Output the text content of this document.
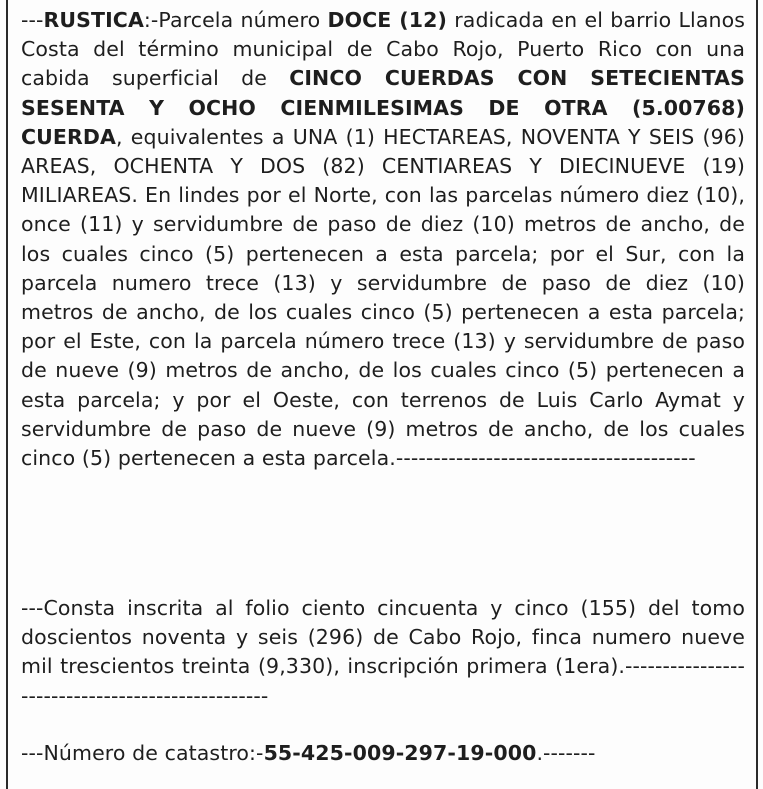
---RUSTICA:-Parcela número DOCE (12) radicada en el barrio Llanos Costa del término municipal de Cabo Rojo, Puerto Rico con una cabida superficial de CINCO CUERDAS CON SETECIENTAS SESENTA Y OCHO CIENMILESIMAS DE OTRA (5.00768) CUERDA, equivalentes a UNA (1) HECTAREAS, NOVENTA Y SEIS (96) AREAS, OCHENTA Y DOS (82) CENTIAREAS Y DIECINUEVE (19) MILIAREAS. En lindes por el Norte, con las parcelas número diez (10), once (11) y servidumbre de paso de diez (10) metros de ancho, de los cuales cinco (5) pertenecen a esta parcela; por el Sur, con la parcela numero trece (13) y servidumbre de paso de diez (10) metros de ancho, de los cuales cinco (5) pertenecen a esta parcela; por el Este, con la parcela número trece (13) y servidumbre de paso de nueve (9) metros de ancho, de los cuales cinco (5) pertenecen a esta parcela; y por el Oeste, con terrenos de Luis Carlo Aymat y servidumbre de paso de nueve (9) metros de ancho, de los cuales cinco (5) pertenecen a esta parcela.----------------------------------------

---Consta inscrita al folio ciento cincuenta y cinco (155) del tomo doscientos noventa y seis (296) de Cabo Rojo, finca numero nueve mil trescientos treinta (9,330), inscripción primera (1era).-------------------------------------------------

---Número de catastro:-55-425-009-297-19-000.-------
